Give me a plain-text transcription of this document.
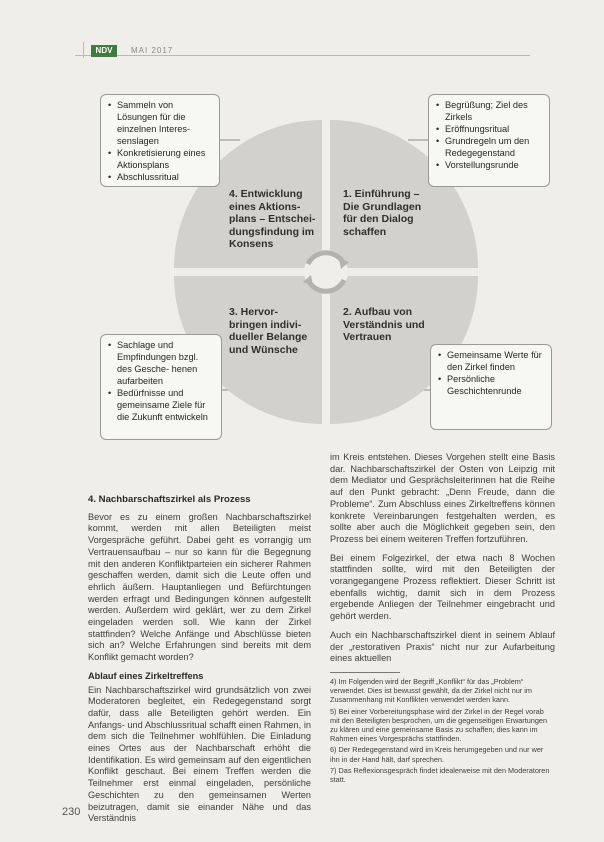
NDV	MAI 2017
4. Entwicklung eines Aktions- plans – Entschei- dungsfindung im Konsens
1. Einführung – Die Grundlagen für den Dialog schaffen
3. Hervor- bringen indivi- dueller Belange und Wünsche
2. Aufbau von Verständnis und Vertrauen
• Sammeln von Lösungen für die einzelnen Interes- senslagen
• Konkretisierung eines Aktionsplans
• Abschlussritual
• Begrüßung; Ziel des Zirkels
• Eröffnungsritual
• Grundregeln um den Redegegenstand
• Vorstellungsrunde
• Sachlage und Empfindungen bzgl. des Gesche- henen aufarbeiten
• Bedürfnisse und gemeinsame Ziele für die Zukunft entwickeln
• Gemeinsame Werte für den Zirkel finden
• Persönliche Geschichtenrunde
4. Nachbarschaftszirkel als Prozess

Bevor es zu einem großen Nachbarschaftszirkel kommt, werden mit allen Beteiligten meist Vorgespräche geführt. Dabei geht es vorrangig um Vertrauensaufbau – nur so kann für die Begegnung mit den anderen Konfliktparteien ein sicherer Rahmen geschaffen werden, damit sich die Leute offen und ehrlich äußern. Hauptanliegen und Befürchtungen werden erfragt und Bedingungen können aufgestellt werden. Außerdem wird geklärt, wer zu dem Zirkel eingeladen werden soll. Wie kann der Zirkel stattfinden? Welche Anfänge und Abschlüsse bieten sich an? Welche Erfahrungen sind bereits mit dem Konflikt gemacht worden?

Ablauf eines Zirkeltreffens

Ein Nachbarschaftszirkel wird grundsätzlich von zwei Moderatoren begleitet, ein Redegegenstand sorgt dafür, dass alle Beteiligten gehört werden. Ein Anfangs- und Abschlussritual schafft einen Rahmen, in dem sich die Teilnehmer wohlfühlen. Die Einladung eines Ortes aus der Nachbarschaft erhöht die Identifikation. Es wird gemeinsam auf den eigentlichen Konflikt geschaut. Bei einem Treffen werden die Teilnehmer erst einmal eingeladen, persönliche Geschichten zu den gemeinsamen Werten beizutragen, damit sie einander Nähe und das Verständnis

im Kreis entstehen. Dieses Vorgehen stellt eine Basis dar. Nachbarschaftszirkel der Osten von Leipzig mit dem Mediator und Gesprächsleiterinnen hat die Reihe auf den Punkt gebracht: „Denn Freude, dann die Probleme“. Zum Abschluss eines Zirkeltreffens können konkrete Vereinbarungen festgehalten werden, es sollte aber auch die Möglichkeit gegeben sein, den Prozess bei einem weiteren Treffen fortzuführen.

Bei einem Folgezirkel, der etwa nach 8 Wochen stattfinden sollte, wird mit den Beteiligten der vorangegangene Prozess reflektiert. Dieser Schritt ist ebenfalls wichtig, damit sich in dem Prozess ergebende Anliegen der Teilnehmer eingebracht und gehört werden.

Auch ein Nachbarschaftszirkel dient in seinem Ablauf der „restorativen Praxis“ nicht nur zur Aufarbeitung eines aktuellen

4) Im Folgenden wird der Begriff „Konflikt“ für das „Problem“ verwendet. Dies ist bewusst gewählt, da der Zirkel nicht nur im Zusammenhang mit Konflikten verwendet werden kann.

5) Bei einer Vorbereitungsphase wird der Zirkel in der Regel vorab mit den Beteiligten besprochen, um die gegenseitigen Erwartungen zu klären und eine gemeinsame Basis zu schaffen; dies kann im Rahmen eines Vorgesprächs stattfinden.

6) Der Redegegenstand wird im Kreis herumgegeben und nur wer ihn in der Hand hält, darf sprechen.

7) Das Reflexionsgespräch findet idealerweise mit den Moderatoren statt.

230
